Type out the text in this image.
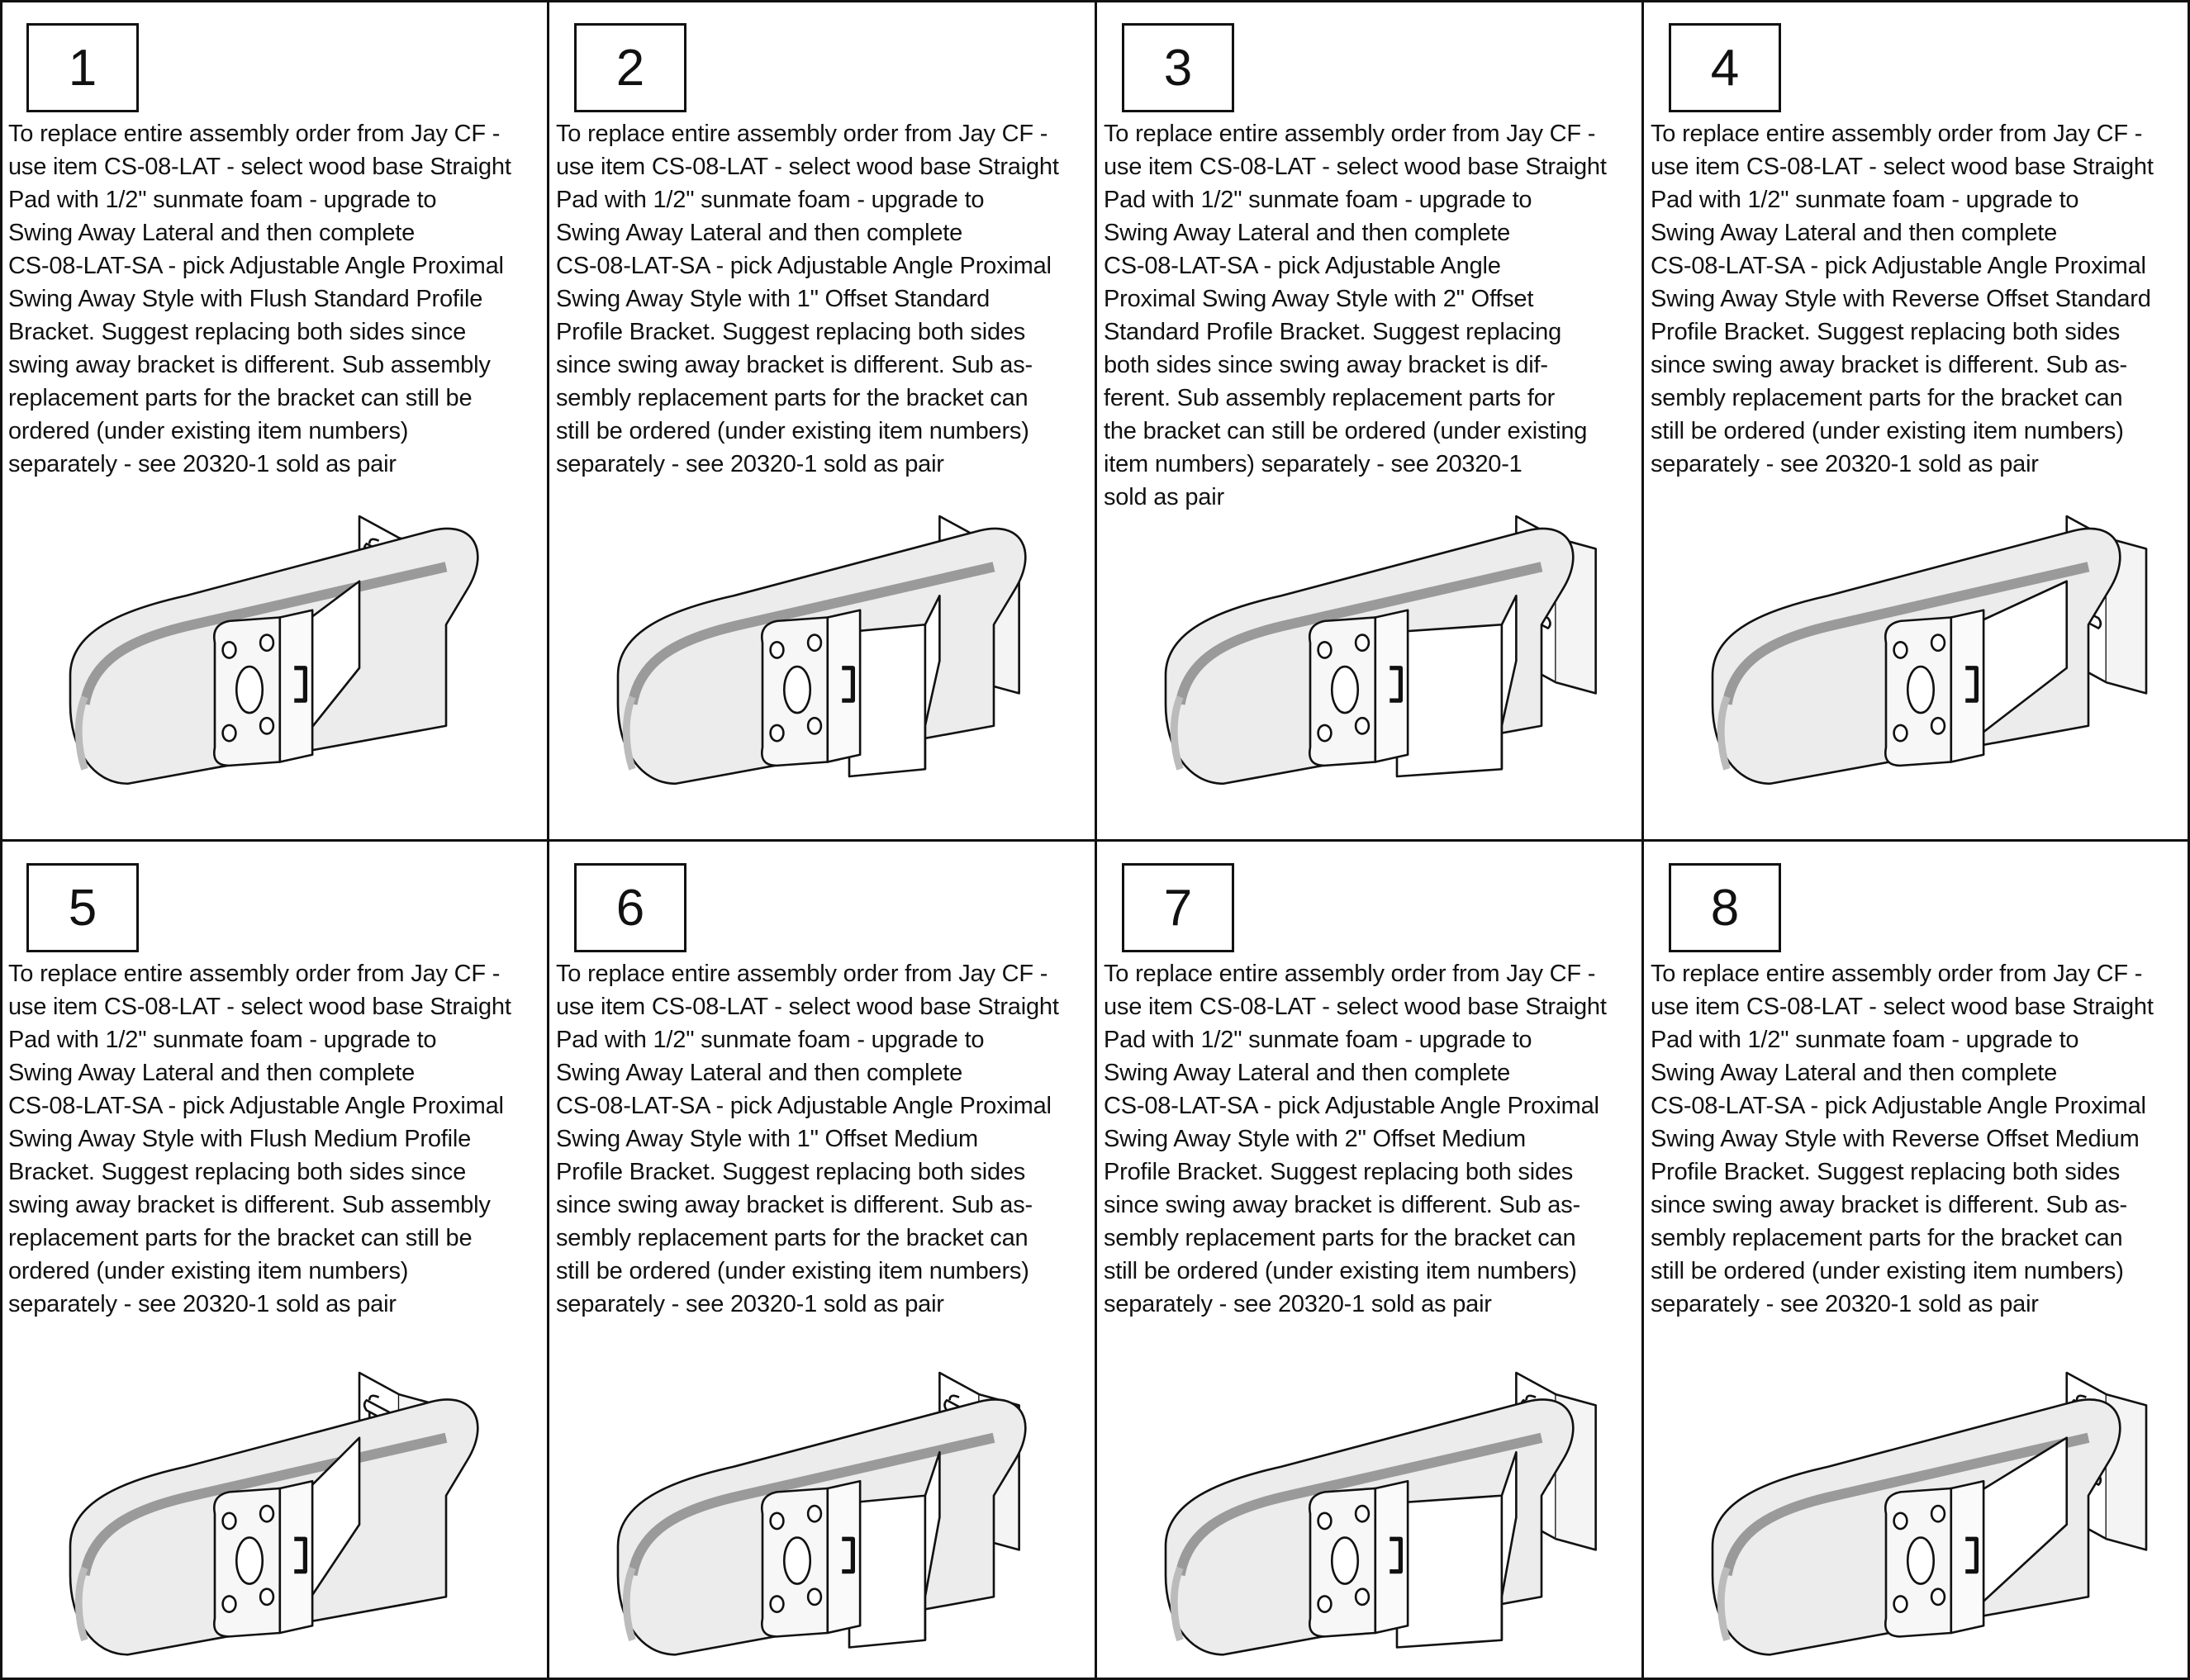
1
To replace entire assembly order from Jay CF -
use item CS-08-LAT - select wood base Straight
Pad with 1/2" sunmate foam - upgrade to
Swing Away Lateral and then complete
CS-08-LAT-SA - pick Adjustable Angle Proximal
Swing Away Style with Flush Standard Profile
Bracket. Suggest replacing both sides since
swing away bracket is different. Sub assembly
replacement parts for the bracket can still be
ordered (under existing item numbers)
separately - see 20320-1 sold as pair
2
To replace entire assembly order from Jay CF -
use item CS-08-LAT - select wood base Straight
Pad with 1/2" sunmate foam - upgrade to
Swing Away Lateral and then complete
CS-08-LAT-SA - pick Adjustable Angle Proximal
Swing Away Style with 1" Offset Standard
Profile Bracket. Suggest replacing both sides
since swing away bracket is different. Sub as-
sembly replacement parts for the bracket can
still be ordered (under existing item numbers)
separately - see 20320-1 sold as pair
3
To replace entire assembly order from Jay CF -
use item CS-08-LAT - select wood base Straight
Pad with 1/2" sunmate foam - upgrade to
Swing Away Lateral and then complete
CS-08-LAT-SA - pick Adjustable Angle
Proximal Swing Away Style with 2" Offset
Standard Profile Bracket. Suggest replacing
both sides since swing away bracket is dif-
ferent. Sub assembly replacement parts for
the bracket can still be ordered (under existing
item numbers) separately - see 20320-1
sold as pair
4
To replace entire assembly order from Jay CF -
use item CS-08-LAT - select wood base Straight
Pad with 1/2" sunmate foam - upgrade to
Swing Away Lateral and then complete
CS-08-LAT-SA - pick Adjustable Angle Proximal
Swing Away Style with Reverse Offset Standard
Profile Bracket. Suggest replacing both sides
since swing away bracket is different. Sub as-
sembly replacement parts for the bracket can
still be ordered (under existing item numbers)
separately - see 20320-1 sold as pair
5
To replace entire assembly order from Jay CF -
use item CS-08-LAT - select wood base Straight
Pad with 1/2" sunmate foam - upgrade to
Swing Away Lateral and then complete
CS-08-LAT-SA - pick Adjustable Angle Proximal
Swing Away Style with Flush Medium Profile
Bracket. Suggest replacing both sides since
swing away bracket is different. Sub assembly
replacement parts for the bracket can still be
ordered (under existing item numbers)
separately - see 20320-1 sold as pair
6
To replace entire assembly order from Jay CF -
use item CS-08-LAT - select wood base Straight
Pad with 1/2" sunmate foam - upgrade to
Swing Away Lateral and then complete
CS-08-LAT-SA - pick Adjustable Angle Proximal
Swing Away Style with 1" Offset Medium
Profile Bracket. Suggest replacing both sides
since swing away bracket is different. Sub as-
sembly replacement parts for the bracket can
still be ordered (under existing item numbers)
separately - see 20320-1 sold as pair
7
To replace entire assembly order from Jay CF -
use item CS-08-LAT - select wood base Straight
Pad with 1/2" sunmate foam - upgrade to
Swing Away Lateral and then complete
CS-08-LAT-SA - pick Adjustable Angle Proximal
Swing Away Style with 2" Offset Medium
Profile Bracket. Suggest replacing both sides
since swing away bracket is different. Sub as-
sembly replacement parts for the bracket can
still be ordered (under existing item numbers)
separately - see 20320-1 sold as pair
8
To replace entire assembly order from Jay CF -
use item CS-08-LAT - select wood base Straight
Pad with 1/2" sunmate foam - upgrade to
Swing Away Lateral and then complete
CS-08-LAT-SA - pick Adjustable Angle Proximal
Swing Away Style with Reverse Offset Medium
Profile Bracket. Suggest replacing both sides
since swing away bracket is different. Sub as-
sembly replacement parts for the bracket can
still be ordered (under existing item numbers)
separately - see 20320-1 sold as pair
